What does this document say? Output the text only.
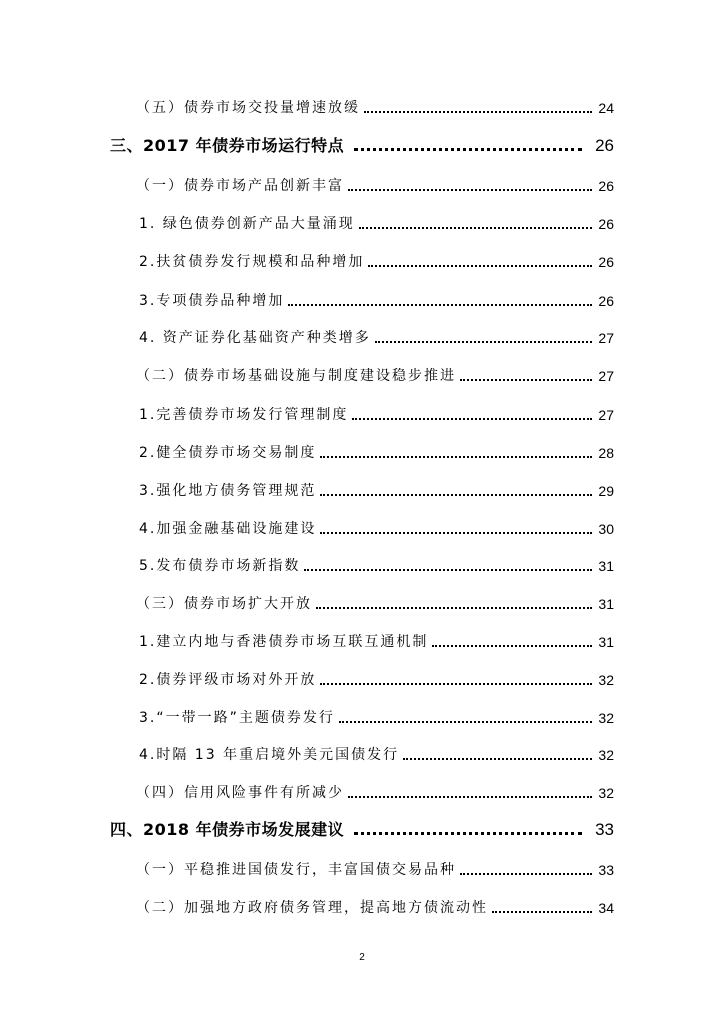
（五）债券市场交投量增速放缓	24
三、2017 年债券市场运行特点	26
（一）债券市场产品创新丰富	26
1. 绿色债券创新产品大量涌现	26
2.扶贫债券发行规模和品种增加	26
3.专项债券品种增加	26
4. 资产证券化基础资产种类增多	27
（二）债券市场基础设施与制度建设稳步推进	27
1.完善债券市场发行管理制度	27
2.健全债券市场交易制度	28
3.强化地方债务管理规范	29
4.加强金融基础设施建设	30
5.发布债券市场新指数	31
（三）债券市场扩大开放	31
1.建立内地与香港债券市场互联互通机制	31
2.债券评级市场对外开放	32
3.“一带一路”主题债券发行	32
4.时隔 13 年重启境外美元国债发行	32
（四）信用风险事件有所减少	32
四、2018 年债券市场发展建议	33
（一）平稳推进国债发行，丰富国债交易品种	33
（二）加强地方政府债务管理，提高地方债流动性	34
2
